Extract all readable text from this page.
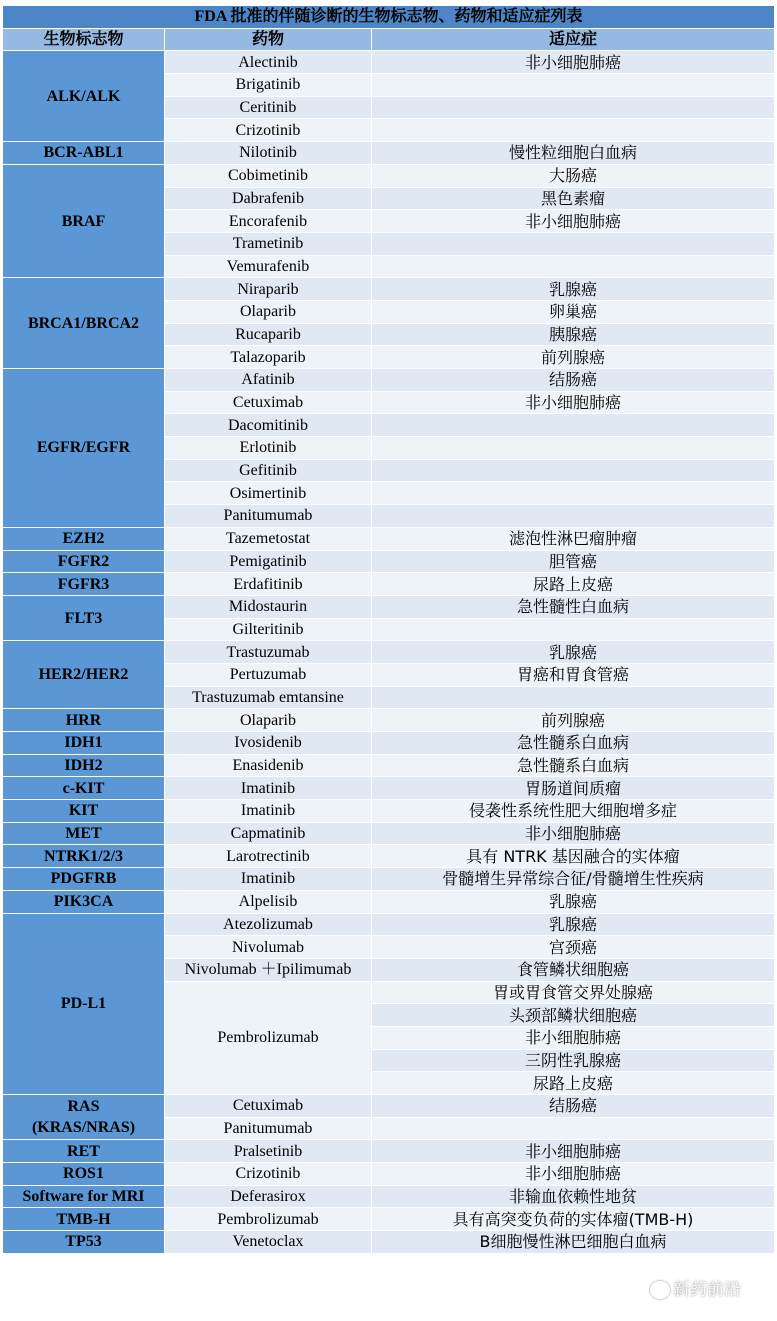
FDA 批准的伴随诊断的生物标志物、药物和适应症列表		
生物标志物	药物	适应症
ALK/ALK	Alectinib	非小细胞肺癌
	Brigatinib	
	Ceritinib	
	Crizotinib	
BCR-ABL1	Nilotinib	慢性粒细胞白血病
BRAF	Cobimetinib	大肠癌
	Dabrafenib	黑色素瘤
	Encorafenib	非小细胞肺癌
	Trametinib	
	Vemurafenib	
BRCA1/BRCA2	Niraparib	乳腺癌
	Olaparib	卵巢癌
	Rucaparib	胰腺癌
	Talazoparib	前列腺癌
EGFR/EGFR	Afatinib	结肠癌
	Cetuximab	非小细胞肺癌
	Dacomitinib	
	Erlotinib	
	Gefitinib	
	Osimertinib	
	Panitumumab	
EZH2	Tazemetostat	滤泡性淋巴瘤肿瘤
FGFR2	Pemigatinib	胆管癌
FGFR3	Erdafitinib	尿路上皮癌
FLT3	Midostaurin	急性髓性白血病
	Gilteritinib	
HER2/HER2	Trastuzumab	乳腺癌
	Pertuzumab	胃癌和胃食管癌
	Trastuzumab emtansine	
HRR	Olaparib	前列腺癌
IDH1	Ivosidenib	急性髓系白血病
IDH2	Enasidenib	急性髓系白血病
c-KIT	Imatinib	胃肠道间质瘤
KIT	Imatinib	侵袭性系统性肥大细胞增多症
MET	Capmatinib	非小细胞肺癌
NTRK1/2/3	Larotrectinib	具有 NTRK 基因融合的实体瘤
PDGFRB	Imatinib	骨髓增生异常综合征/骨髓增生性疾病
PIK3CA	Alpelisib	乳腺癌
PD-L1	Atezolizumab	乳腺癌
	Nivolumab	宫颈癌
	Nivolumab ＋Ipilimumab	食管鳞状细胞癌
	Pembrolizumab	胃或胃食管交界处腺癌
		头颈部鳞状细胞癌
		非小细胞肺癌
		三阴性乳腺癌
		尿路上皮癌
RAS
(KRAS/NRAS)	Cetuximab	结肠癌
	Panitumumab	
RET	Pralsetinib	非小细胞肺癌
ROS1	Crizotinib	非小细胞肺癌
Software for MRI	Deferasirox	非输血依赖性地贫
TMB-H	Pembrolizumab	具有高突变负荷的实体瘤(TMB-H)
TP53	Venetoclax	B细胞慢性淋巴细胞白血病
新药前沿
